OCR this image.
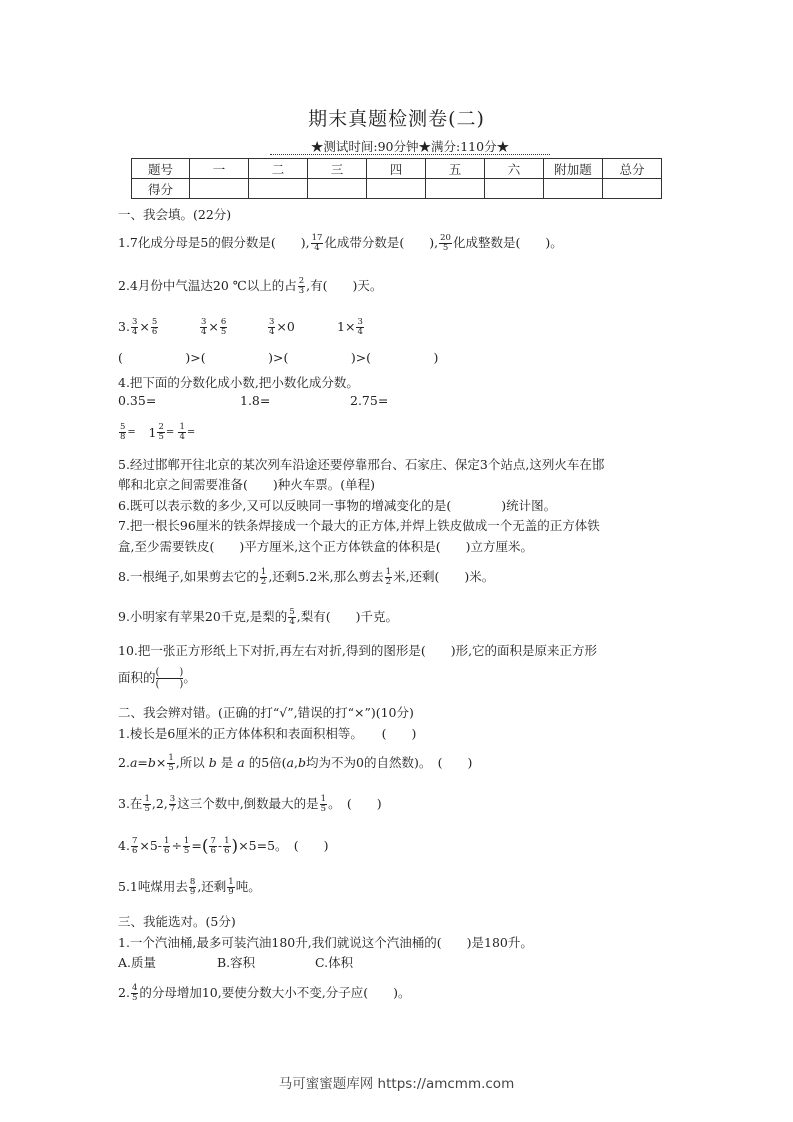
期末真题检测卷(二)
★测试时间:90分钟★满分:110分★
题号	一	二	三	四	五	六	附加题	总分
得分								
一、我会填。(22分)
1.7化成分母是5的假分数是(　　), $\frac{17}{4}$ 化成带分数是(　　), $\frac{20}{5}$ 化成整数是(　　)。
2.4月份中气温达20 ℃以上的占 $\frac{2}{3}$ ,有(　　)天。
3. $\frac{3}{4} \times \frac{5}{6}$	$\frac{3}{4} \times \frac{6}{5}$	$\frac{3}{4} \times 0$	$1\times \frac{3}{4}$
(　　　　　)>(　　　　　)>(　　　　　)>(　　　　　)
4.把下面的分数化成小数,把小数化成分数。
0.35=	1.8=	2.75=
$\frac{5}{8} = 1 \frac{2}{5} = \frac{1}{4}$ =
5.经过邯郸开往北京的某次列车沿途还要停靠邢台、石家庄、保定3个站点,这列火车在邯
郸和北京之间需要准备(　　)种火车票。(单程)
6.既可以表示数的多少,又可以反映同一事物的增减变化的是(　　　　)统计图。
7.把一根长96厘米的铁条焊接成一个最大的正方体,并焊上铁皮做成一个无盖的正方体铁
盒,至少需要铁皮(　　)平方厘米,这个正方体铁盒的体积是(　　)立方厘米。
8.一根绳子,如果剪去它的 $\frac{1}{2}$ ,还剩5.2米,那么剪去 $\frac{1}{2}$ 米,还剩(　　)米。
9.小明家有苹果20千克,是梨的 $\frac{5}{4}$ ,梨有(　　)千克。
10.把一张正方形纸上下对折,再左右对折,得到的图形是(　　)形,它的面积是原来正方形
面积的 (　　)
(　　)。
二、我会辨对错。(正确的打“√”,错误的打“×”)(10分)
1.棱长是6厘米的正方体体积和表面积相等。　　(　　)
$2.a=b\times \frac{1}{5}$ ,所以 b 是 a 的5倍(a,b均为不为0的自然数)。　(　　)
3.在 $\frac{1}{5} ,2$, $\frac{3}{7}$ 这三个数中,倒数最大的是 $\frac{1}{5}$ 。　(　　)
4. $\frac{7}{6} \times 5- \frac{1}{6} \div \frac{1}{5}$ =( $\frac{7}{6} - \frac{1}{6} )\times 5=5$。　(　　)
5.1吨煤用去 $\frac{8}{9}$ ,还剩 $\frac{1}{9}$ 吨。
三、我能选对。(5分)
1.一个汽油桶,最多可装汽油180升,我们就说这个汽油桶的(　　)是180升。
A.质量	B.容积	C.体积
2. $\frac{4}{5}$ 的分母增加10,要使分数大小不变,分子应(　　)。
马可蜜蜜题库网 https://amcmm.com
